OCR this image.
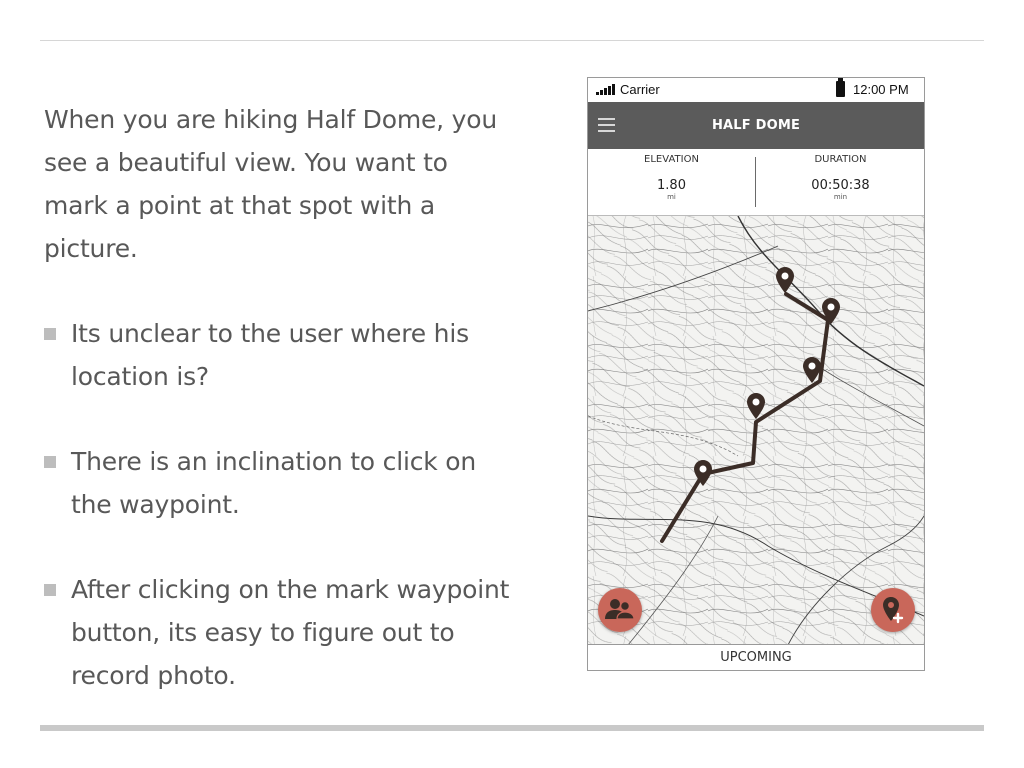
When you are hiking Half Dome, you see a beautiful view. You want to mark a point at that spot with a picture.

Its unclear to the user where his location is?
There is an inclination to click on the waypoint.
After clicking on the mark waypoint button, its easy to figure out to record photo.
Carrier	12:00 PM
HALF DOME
ELEVATION
1.80
mi
DURATION
00:50:38
min
UPCOMING
